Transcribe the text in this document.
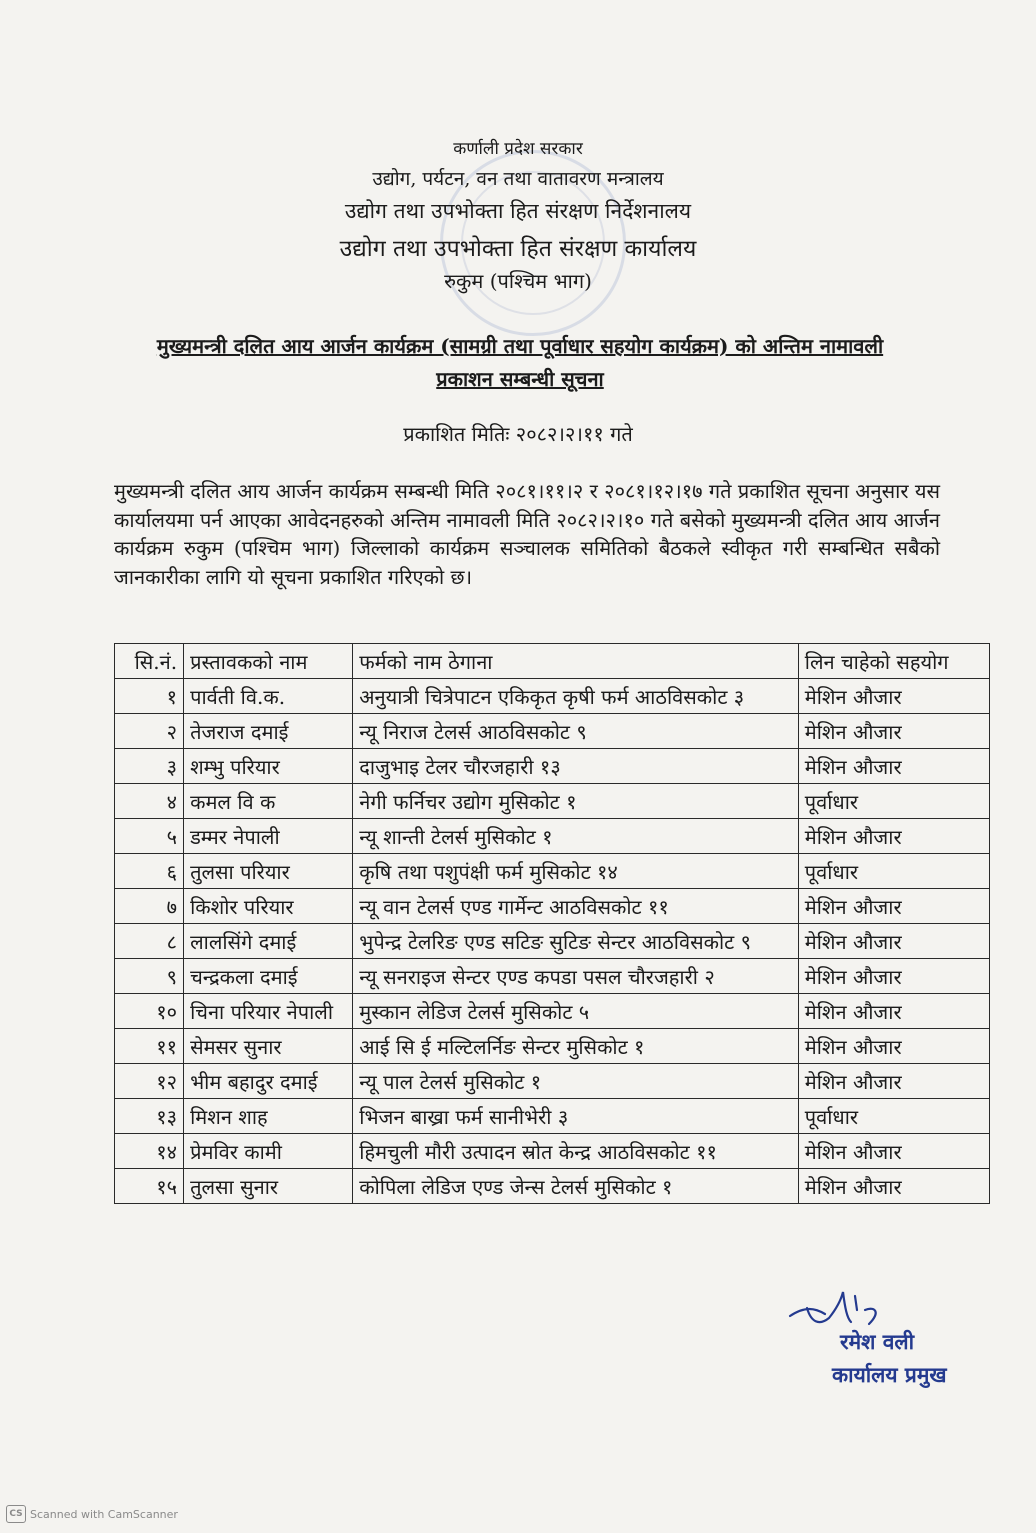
कर्णाली प्रदेश सरकार
उद्योग, पर्यटन, वन तथा वातावरण मन्त्रालय
उद्योग तथा उपभोक्ता हित संरक्षण निर्देशनालय
उद्योग तथा उपभोक्ता हित संरक्षण कार्यालय
रुकुम (पश्चिम भाग)
मुख्यमन्त्री दलित आय आर्जन कार्यक्रम (सामग्री तथा पूर्वाधार सहयोग कार्यक्रम) को अन्तिम नामावली
प्रकाशन सम्बन्धी सूचना
प्रकाशित मितिः २०८२।२।११ गते
मुख्यमन्त्री दलित आय आर्जन कार्यक्रम सम्बन्धी मिति २०८१।११।२ र २०८१।१२।१७ गते प्रकाशित सूचना अनुसार यस कार्यालयमा पर्न आएका आवेदनहरुको अन्तिम नामावली मिति २०८२।२।१० गते बसेको मुख्यमन्त्री दलित आय आर्जन कार्यक्रम रुकुम (पश्चिम भाग) जिल्लाको कार्यक्रम सञ्चालक समितिको बैठकले स्वीकृत गरी सम्बन्धित सबैको जानकारीका लागि यो सूचना प्रकाशित गरिएको छ।
सि.नं.	प्रस्तावकको नाम	फर्मको नाम ठेगाना	लिन चाहेको सहयोग
१	पार्वती वि.क.	अनुयात्री चित्रेपाटन एकिकृत कृषी फर्म आठविसकोट ३	मेशिन औजार
२	तेजराज दमाई	न्यू निराज टेलर्स आठविसकोट ९	मेशिन औजार
३	शम्भु परियार	दाजुभाइ टेलर चौरजहारी १३	मेशिन औजार
४	कमल वि क	नेगी फर्निचर उद्योग मुसिकोट १	पूर्वाधार
५	डम्मर नेपाली	न्यू शान्ती टेलर्स मुसिकोट १	मेशिन औजार
६	तुलसा परियार	कृषि तथा पशुपंक्षी फर्म मुसिकोट १४	पूर्वाधार
७	किशोर परियार	न्यू वान टेलर्स एण्ड गार्मेन्ट आठविसकोट ११	मेशिन औजार
८	लालसिंगे दमाई	भुपेन्द्र टेलरिङ एण्ड सटिङ सुटिङ सेन्टर आठविसकोट ९	मेशिन औजार
९	चन्द्रकला दमाई	न्यू सनराइज सेन्टर एण्ड कपडा पसल चौरजहारी २	मेशिन औजार
१०	चिना परियार नेपाली	मुस्कान लेडिज टेलर्स मुसिकोट ५	मेशिन औजार
११	सेमसर सुनार	आई सि ई मल्टिलर्निङ सेन्टर मुसिकोट १	मेशिन औजार
१२	भीम बहादुर दमाई	न्यू पाल टेलर्स मुसिकोट १	मेशिन औजार
१३	मिशन शाह	भिजन बाख्रा फर्म सानीभेरी ३	पूर्वाधार
१४	प्रेमविर कामी	हिमचुली मौरी उत्पादन स्रोत केन्द्र आठविसकोट ११	मेशिन औजार
१५	तुलसा सुनार	कोपिला लेडिज एण्ड जेन्स टेलर्स मुसिकोट १	मेशिन औजार
रमेश वली
कार्यालय प्रमुख
CS Scanned with CamScanner
